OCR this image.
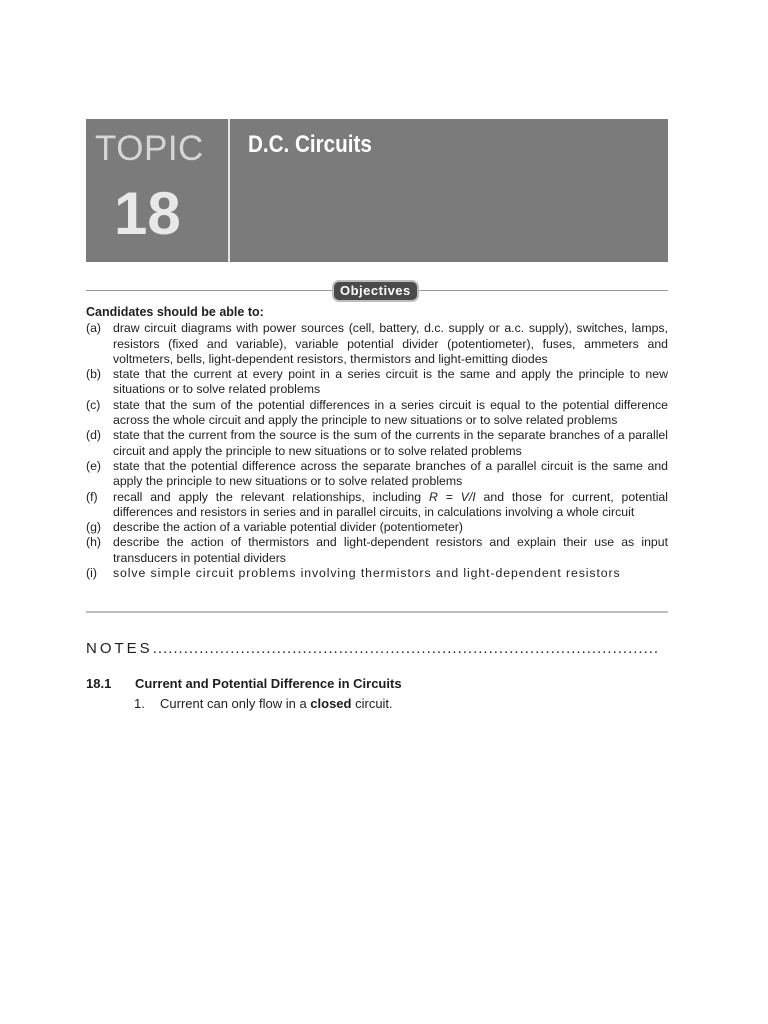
TOPIC
18
D.C. Circuits
Objectives
Candidates should be able to:
(a) draw circuit diagrams with power sources (cell, battery, d.c. supply or a.c. supply), switches, lamps, resistors (fixed and variable), variable potential divider (potentiometer), fuses, ammeters and voltmeters, bells, light-dependent resistors, thermistors and light-emitting diodes
(b) state that the current at every point in a series circuit is the same and apply the principle to new situations or to solve related problems
(c)	state that the sum of the potential differences in a series circuit is equal to the potential difference across the whole circuit and apply the principle to new situations or to solve related problems
(d) state that the current from the source is the sum of the currents in the separate branches of a parallel circuit and apply the principle to new situations or to solve related problems
(e) state that the potential difference across the separate branches of a parallel circuit is the same and apply the principle to new situations or to solve related problems
(f)	recall and apply the relevant relationships, including R = V/I and those for current, potential differences and resistors in series and in parallel circuits, in calculations involving a whole circuit
(g) describe the action of a variable potential divider (potentiometer)
(h) describe the action of thermistors and light-dependent resistors and explain their use as input transducers in potential dividers
(i)	solve simple circuit problems involving thermistors and light-dependent resistors
NOTES..................................................................................................
18.1	Current and Potential Difference in Circuits
1.	Current can only flow in a closed circuit.
